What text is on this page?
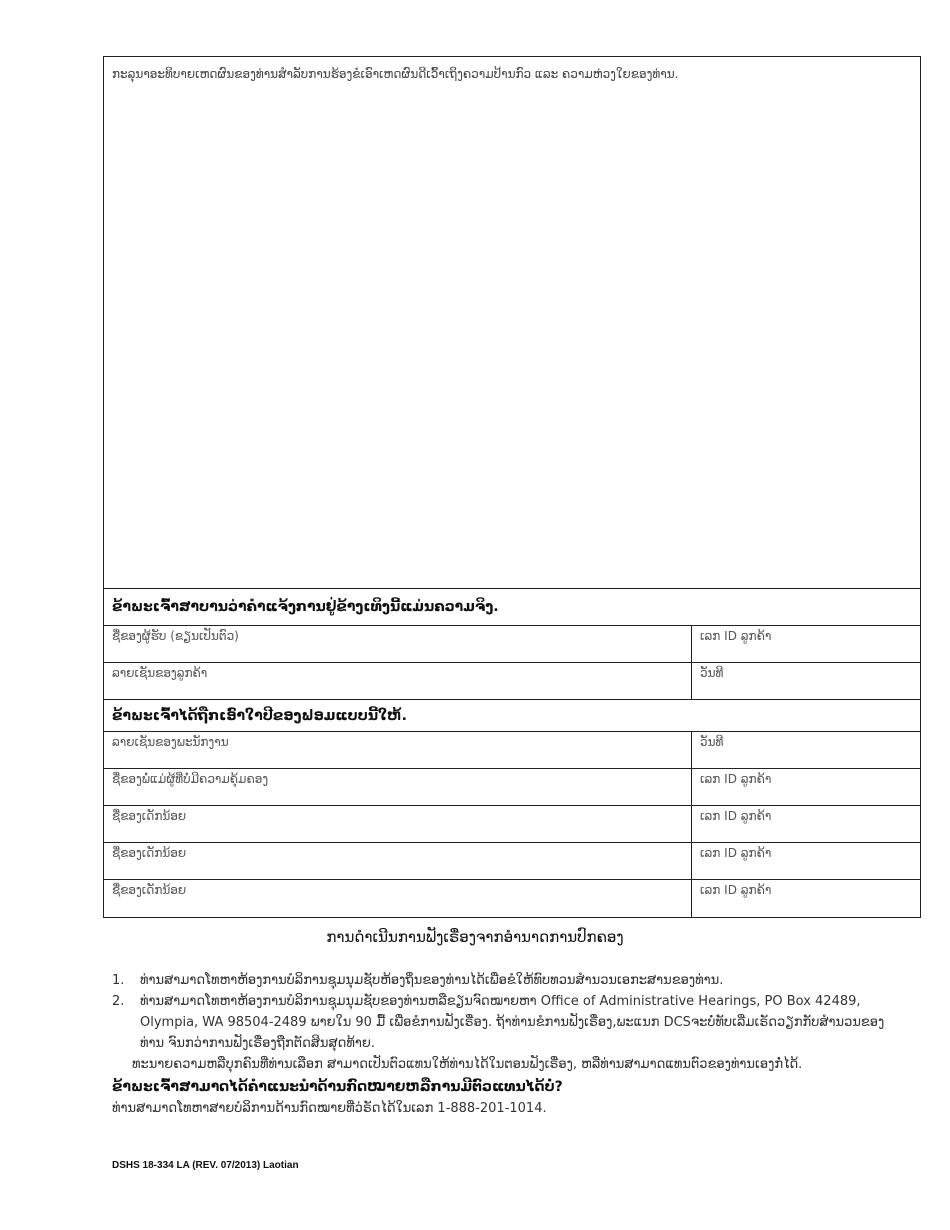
ກະລຸນາອະທິບາຍເຫດຜົນຂອງທ່ານສໍາລັບການຮ້ອງຂໍເອົາເຫດຜົນດີເວົ້າເຖິງຄວາມປ້ານກົວ ແລະ ຄວາມຫ່ວງໃຍຂອງທ່ານ.
ຂ້າພະເຈົ້າສາບານວ່າຄໍາແຈ້ງການຢູ່ຂ້າງເທິງນີ້ແມ່ນຄວາມຈິງ.
ຊື່ຂອງຜູ້ຮັບ (ຂຽນເປັນຕົວ)	ເລກ ID ລູກຄ້າ
ລາຍເຊັນຂອງລູກຄ້າ	ວັນທີ
ຂ້າພະເຈົ້າໄດ້ຖືກເອົາໃາປີຂອງຟອມແບບນີ້ໃຫ້.
ລາຍເຊັນຂອງພະນັກງານ	ວັນທີ
ຊື່ຂອງພໍ່ແມ່ຜູ້ທີ່ບໍ່ມີຄວາມຄຸ້ມຄອງ	ເລກ ID ລູກຄ້າ
ຊື່ຂອງເດັກນ້ອຍ	ເລກ ID ລູກຄ້າ
ຊື່ຂອງເດັກນ້ອຍ	ເລກ ID ລູກຄ້າ
ຊື່ຂອງເດັກນ້ອຍ	ເລກ ID ລູກຄ້າ
ການດໍາເນີນການຟັງເຣື່ອງຈາກອໍານາດການປົກຄອງ
1.	ທ່ານສາມາດໂທຫາຫ້ອງການບໍລິການຊຸມນຸມຊັບຫ້ອງຖິ່ນຂອງທ່ານໄດ້ເພື່ອຂໍໃຫ້ທົບທວນສໍານວນເອກະສານຂອງທ່ານ.
2.	ທ່ານສາມາດໂທຫາຫ້ອງການບໍລິການຊຸມນຸມຊັບຂອງທ່ານຫລືຂຽນຈົດໝາຍຫາ Office of Administrative Hearings, PO Box 42489, Olympia, WA 98504-2489 ພາຍໃນ 90 ມື້ ເພື່ອຂໍການຟັງເຣື່ອງ. ຖ້າທ່ານຂໍການຟັງເຣື່ອງ,ພະແນກ DCSຈະບໍ່ທັບເລີ່ມເຣັດວຽກກັບສໍານວນຂອງທ່ານ ຈົນກວ່າການຟັງເຣື່ອງຖືກຕັດສິນສຸດທ້າຍ.
ທະນາຍຄວາມຫລືບຸກຄົນທີ່ທ່ານເລືອກ ສາມາດເປັນຕົວແທນໃຫ້ທ່ານໄດ້ໃນຕອນຟັງເຣື່ອງ, ຫລືທ່ານສາມາດແທນຕົວຂອງທ່ານເອງກໍ່ໄດ້.
ຂ້າພະເຈົ້າສາມາດໄດ້ຄໍາແນະນໍາດ້ານກົດໝາຍຫລືການມີຕົວແທນໄດ້ບໍ່?
ທ່ານສາມາດໂທຫາສາຍບໍລິການດ້ານກົດໝາຍທີ່ວ່ຣັດໄດ້ໃນເລກ 1-888-201-1014.
DSHS 18-334 LA (REV. 07/2013) Laotian
